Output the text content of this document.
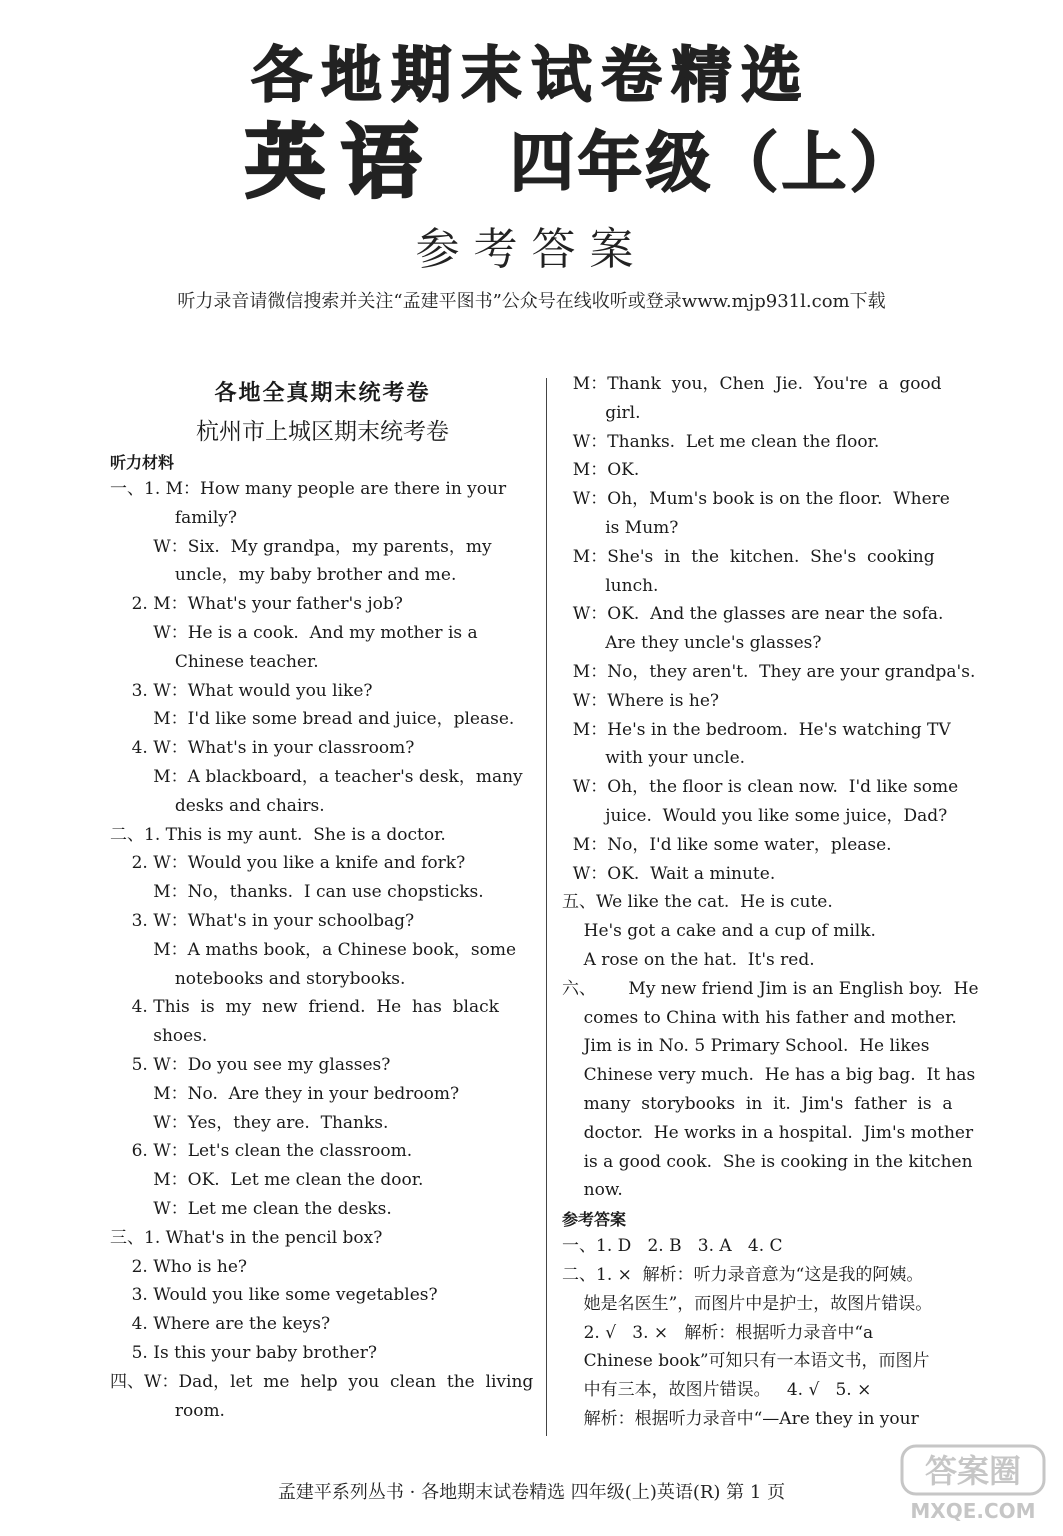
各地期末试卷精选
英语 四年级（上）
参考答案
听力录音请微信搜索并关注“孟建平图书”公众号在线收听或登录www.mjp931l.com下载
各地全真期末统考卷
杭州市上城区期末统考卷
听力材料
一、1. M：How many people are there in your
family?
W：Six.  My grandpa，my parents，my
uncle，my baby brother and me.
2. M：What's your father's job?
W：He is a cook.  And my mother is a
Chinese teacher.
3. W：What would you like?
M：I'd like some bread and juice，please.
4. W：What's in your classroom?
M：A blackboard，a teacher's desk，many
desks and chairs.
二、1. This is my aunt.  She is a doctor.
2. W：Would you like a knife and fork?
M：No，thanks.  I can use chopsticks.
3. W：What's in your schoolbag?
M：A maths book，a Chinese book，some
notebooks and storybooks.
4. This  is  my  new  friend.  He  has  black
shoes.
5. W：Do you see my glasses?
M：No.  Are they in your bedroom?
W：Yes，they are.  Thanks.
6. W：Let's clean the classroom.
M：OK.  Let me clean the door.
W：Let me clean the desks.
三、1. What's in the pencil box?
2. Who is he?
3. Would you like some vegetables?
4. Where are the keys?
5. Is this your baby brother?
四、W：Dad，let  me  help  you  clean  the  living
room.
M：Thank  you，Chen  Jie.  You're  a  good
girl.
W：Thanks.  Let me clean the floor.
M：OK.
W：Oh，Mum's book is on the floor.  Where
is Mum?
M：She's  in  the  kitchen.  She's  cooking
lunch.
W：OK.  And the glasses are near the sofa.
Are they uncle's glasses?
M：No，they aren't.  They are your grandpa's.
W：Where is he?
M：He's in the bedroom.  He's watching TV
with your uncle.
W：Oh，the floor is clean now.  I'd like some
juice.  Would you like some juice，Dad?
M：No，I'd like some water，please.
W：OK.  Wait a minute.
五、We like the cat.  He is cute.
He's got a cake and a cup of milk.
A rose on the hat.  It's red.
六、      My new friend Jim is an English boy.  He
comes to China with his father and mother.
Jim is in No. 5 Primary School.  He likes
Chinese very much.  He has a big bag.  It has
many  storybooks  in  it.  Jim's  father  is  a
doctor.  He works in a hospital.  Jim's mother
is a good cook.  She is cooking in the kitchen
now.
参考答案
一、1. D   2. B   3. A   4. C
二、1. ×  解析：听力录音意为“这是我的阿姨。
她是名医生”，而图片中是护士，故图片错误。
2. √   3. ×   解析：根据听力录音中“a
Chinese book”可知只有一本语文书，而图片
中有三本，故图片错误。   4. √   5. ×
解析：根据听力录音中“—Are they in your
孟建平系列丛书 · 各地期末试卷精选 四年级(上)英语(R) 第 1 页
答案圈
MXQE.COM
